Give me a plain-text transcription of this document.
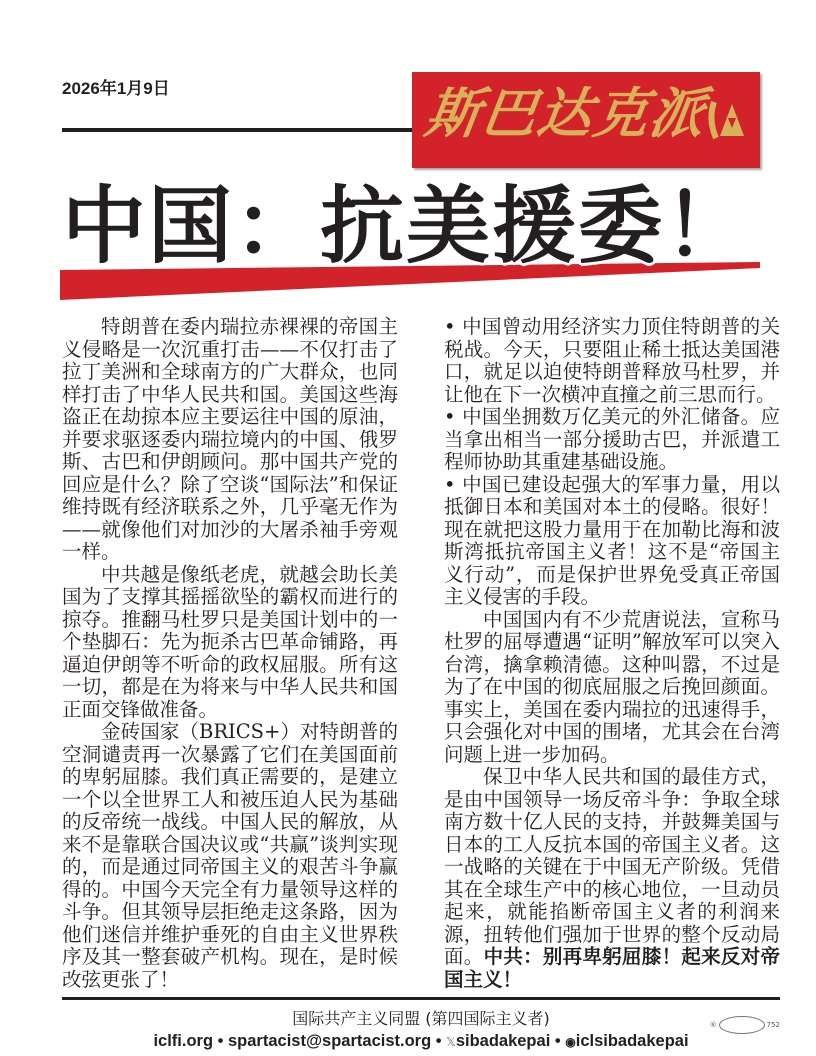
2026年1月9日	斯巴达克派
中国：抗美援委！

特朗普在委内瑞拉赤裸裸的帝国主义侵略是一次沉重打击——不仅打击了拉丁美洲和全球南方的广大群众，也同样打击了中华人民共和国。美国这些海盗正在劫掠本应主要运往中国的原油，并要求驱逐委内瑞拉境内的中国、俄罗斯、古巴和伊朗顾问。那中国共产党的回应是什么？除了空谈“国际法”和保证维持既有经济联系之外，几乎毫无作为——就像他们对加沙的大屠杀袖手旁观一样。

中共越是像纸老虎，就越会助长美国为了支撑其摇摇欲坠的霸权而进行的掠夺。推翻马杜罗只是美国计划中的一个垫脚石：先为扼杀古巴革命铺路，再逼迫伊朗等不听命的政权屈服。所有这一切，都是在为将来与中华人民共和国正面交锋做准备。

金砖国家（BRICS+）对特朗普的空洞谴责再一次暴露了它们在美国面前的卑躬屈膝。我们真正需要的，是建立一个以全世界工人和被压迫人民为基础的反帝统一战线。中国人民的解放，从来不是靠联合国决议或“共赢”谈判实现的，而是通过同帝国主义的艰苦斗争赢得的。中国今天完全有力量领导这样的斗争。但其领导层拒绝走这条路，因为他们迷信并维护垂死的自由主义世界秩序及其一整套破产机构。现在，是时候改弦更张了！

• 中国曾动用经济实力顶住特朗普的关税战。今天，只要阻止稀土抵达美国港口，就足以迫使特朗普释放马杜罗，并让他在下一次横冲直撞之前三思而行。

• 中国坐拥数万亿美元的外汇储备。应当拿出相当一部分援助古巴，并派遣工程师协助其重建基础设施。

• 中国已建设起强大的军事力量，用以抵御日本和美国对本土的侵略。很好！现在就把这股力量用于在加勒比海和波斯湾抵抗帝国主义者！这不是“帝国主义行动”，而是保护世界免受真正帝国主义侵害的手段。

中国国内有不少荒唐说法，宣称马杜罗的屈辱遭遇“证明”解放军可以突入台湾，擒拿赖清德。这种叫嚣，不过是为了在中国的彻底屈服之后挽回颜面。事实上，美国在委内瑞拉的迅速得手，只会强化对中国的围堵，尤其会在台湾问题上进一步加码。

保卫中华人民共和国的最佳方式，是由中国领导一场反帝斗争：争取全球南方数十亿人民的支持，并鼓舞美国与日本的工人反抗本国的帝国主义者。这一战略的关键在于中国无产阶级。凭借其在全球生产中的核心地位，一旦动员起来，就能掐断帝国主义者的利润来源，扭转他们强加于世界的整个反动局面。中共：别再卑躬屈膝！起来反对帝国主义！

国际共产主义同盟 (第四国际主义者)
iclfi.org • spartacist@spartacist.org • 𝕏sibadakepai • ◉iclsibadakepai
®	752
